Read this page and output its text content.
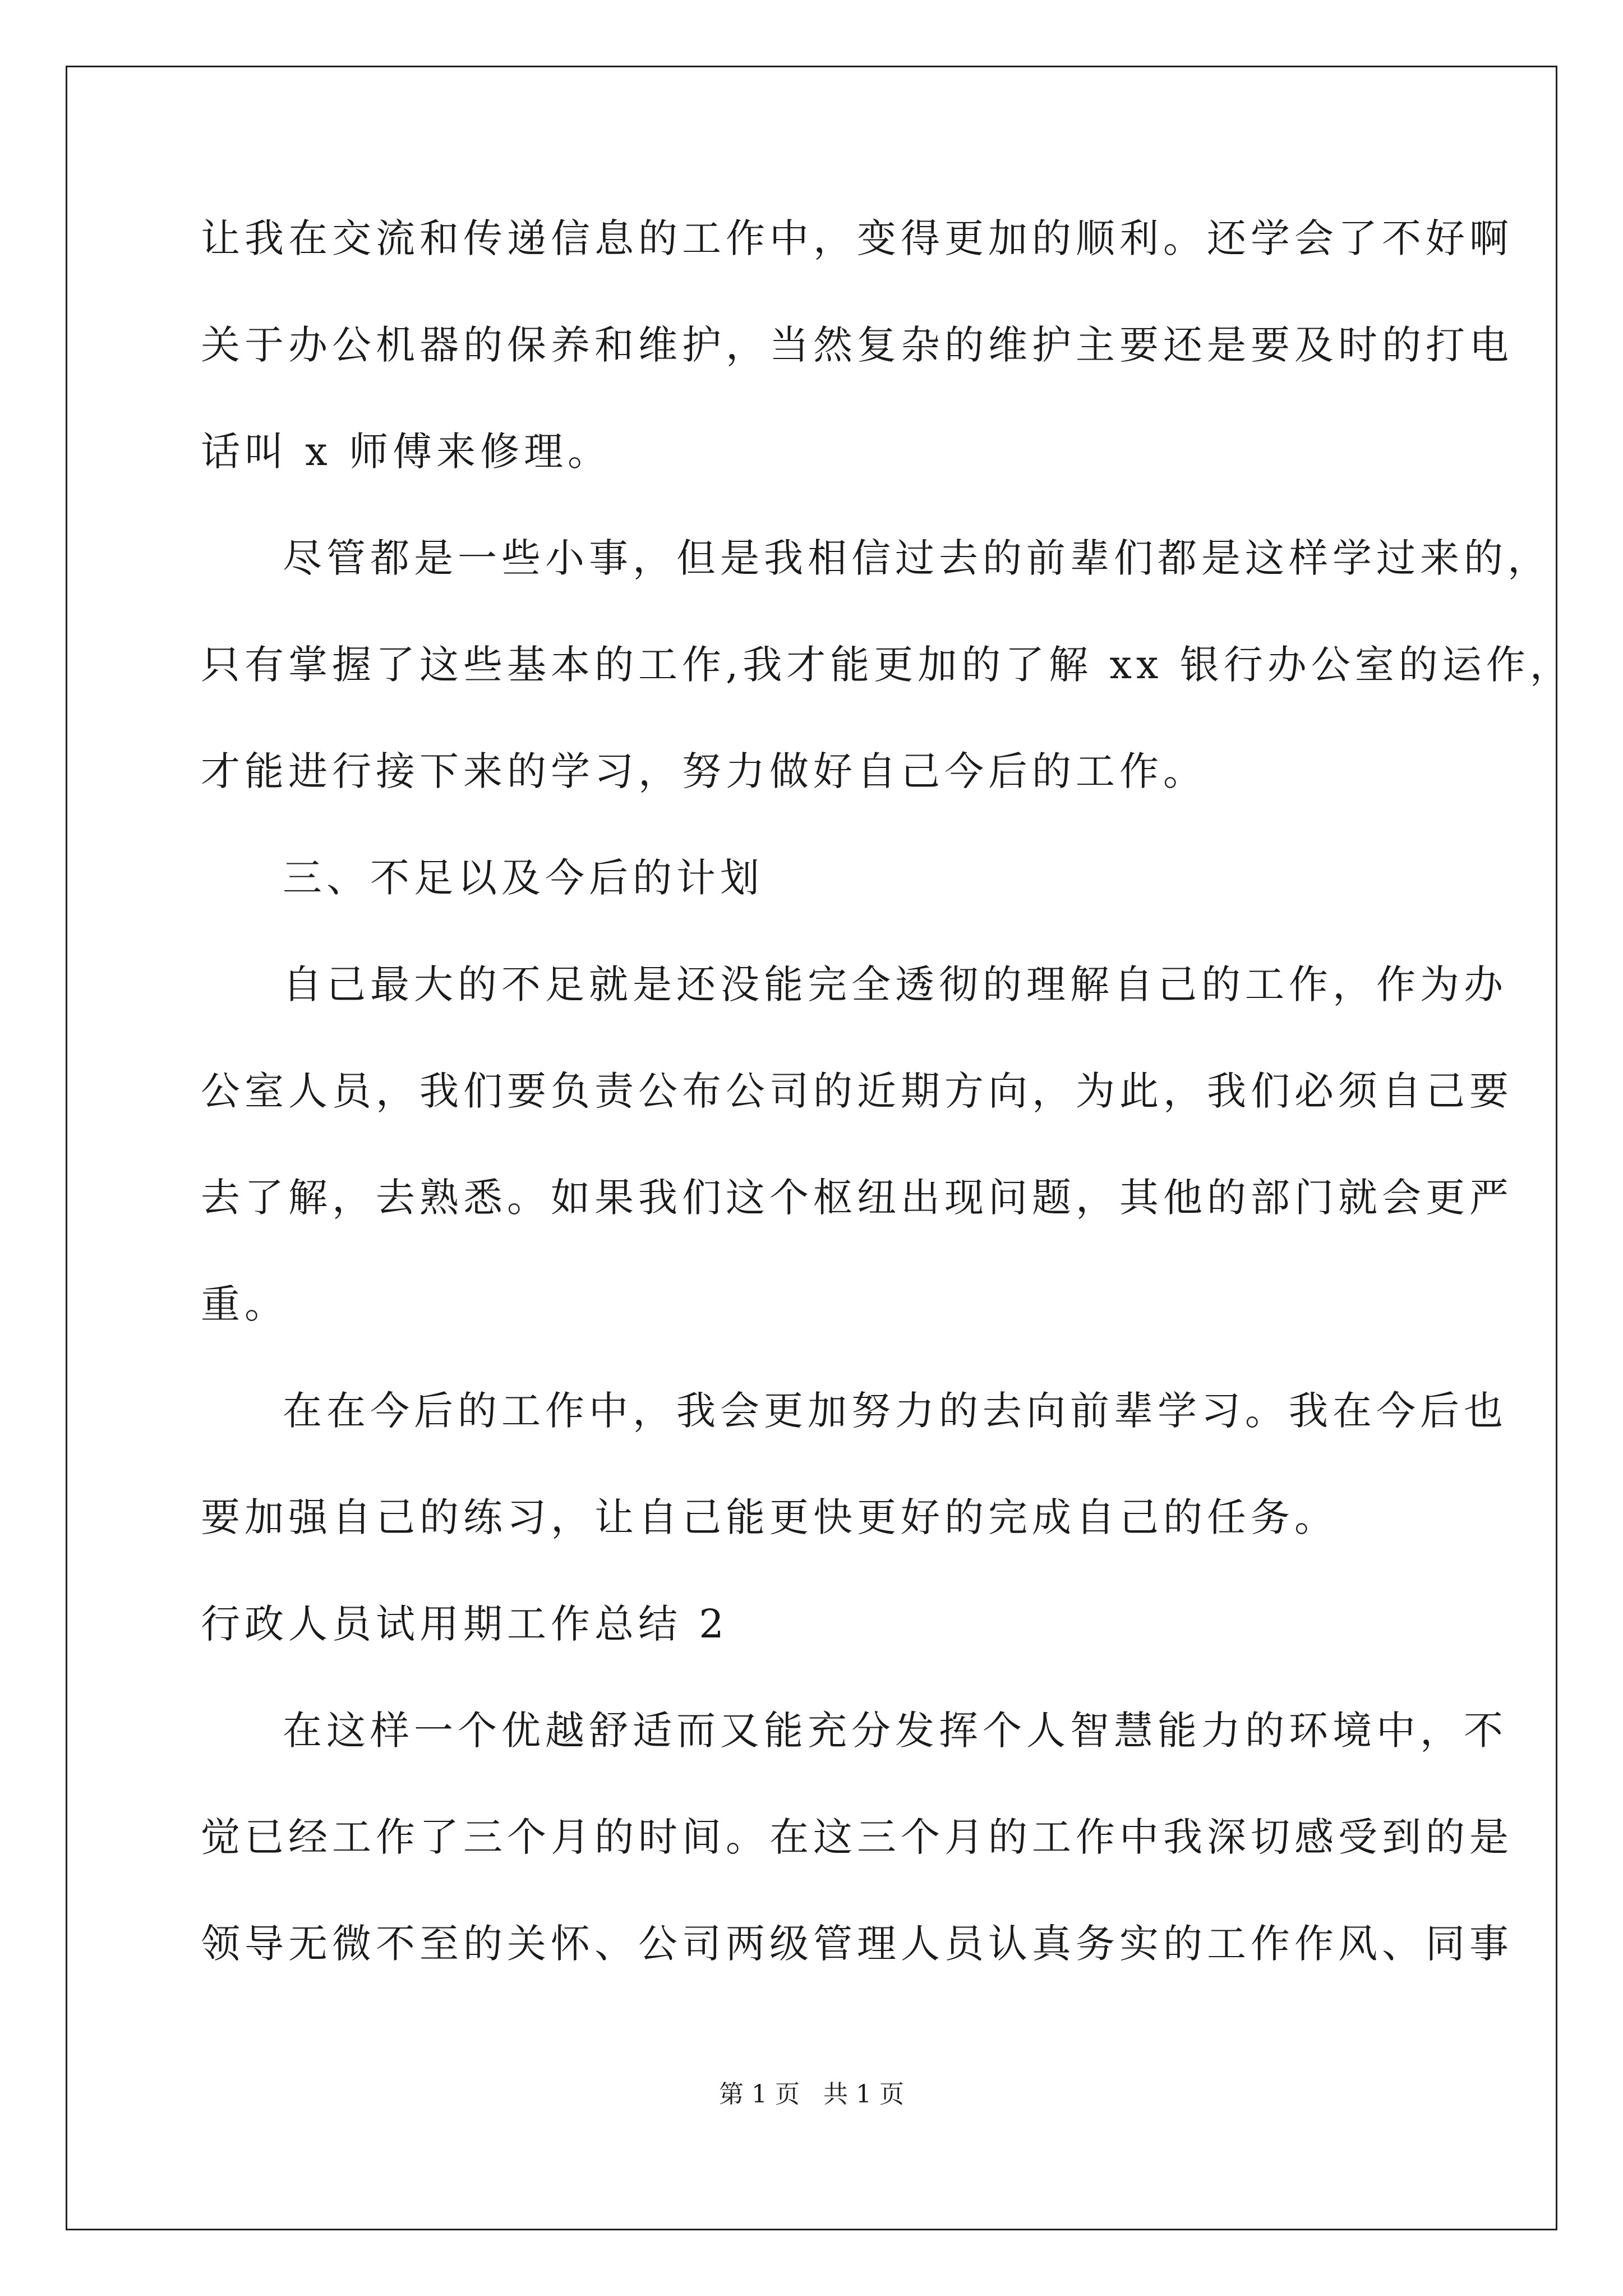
让我在交流和传递信息的工作中，变得更加的顺利。还学会了不好啊
关于办公机器的保养和维护，当然复杂的维护主要还是要及时的打电
话叫 x 师傅来修理。
尽管都是一些小事，但是我相信过去的前辈们都是这样学过来的，
只有掌握了这些基本的工作,我才能更加的了解 xx 银行办公室的运作，
才能进行接下来的学习，努力做好自己今后的工作。
三、不足以及今后的计划
自己最大的不足就是还没能完全透彻的理解自己的工作，作为办
公室人员，我们要负责公布公司的近期方向，为此，我们必须自己要
去了解，去熟悉。如果我们这个枢纽出现问题，其他的部门就会更严
重。
在在今后的工作中，我会更加努力的去向前辈学习。我在今后也
要加强自己的练习，让自己能更快更好的完成自己的任务。
行政人员试用期工作总结 2
在这样一个优越舒适而又能充分发挥个人智慧能力的环境中，不
觉已经工作了三个月的时间。在这三个月的工作中我深切感受到的是
领导无微不至的关怀、公司两级管理人员认真务实的工作作风、同事
第 1 页   共 1 页
